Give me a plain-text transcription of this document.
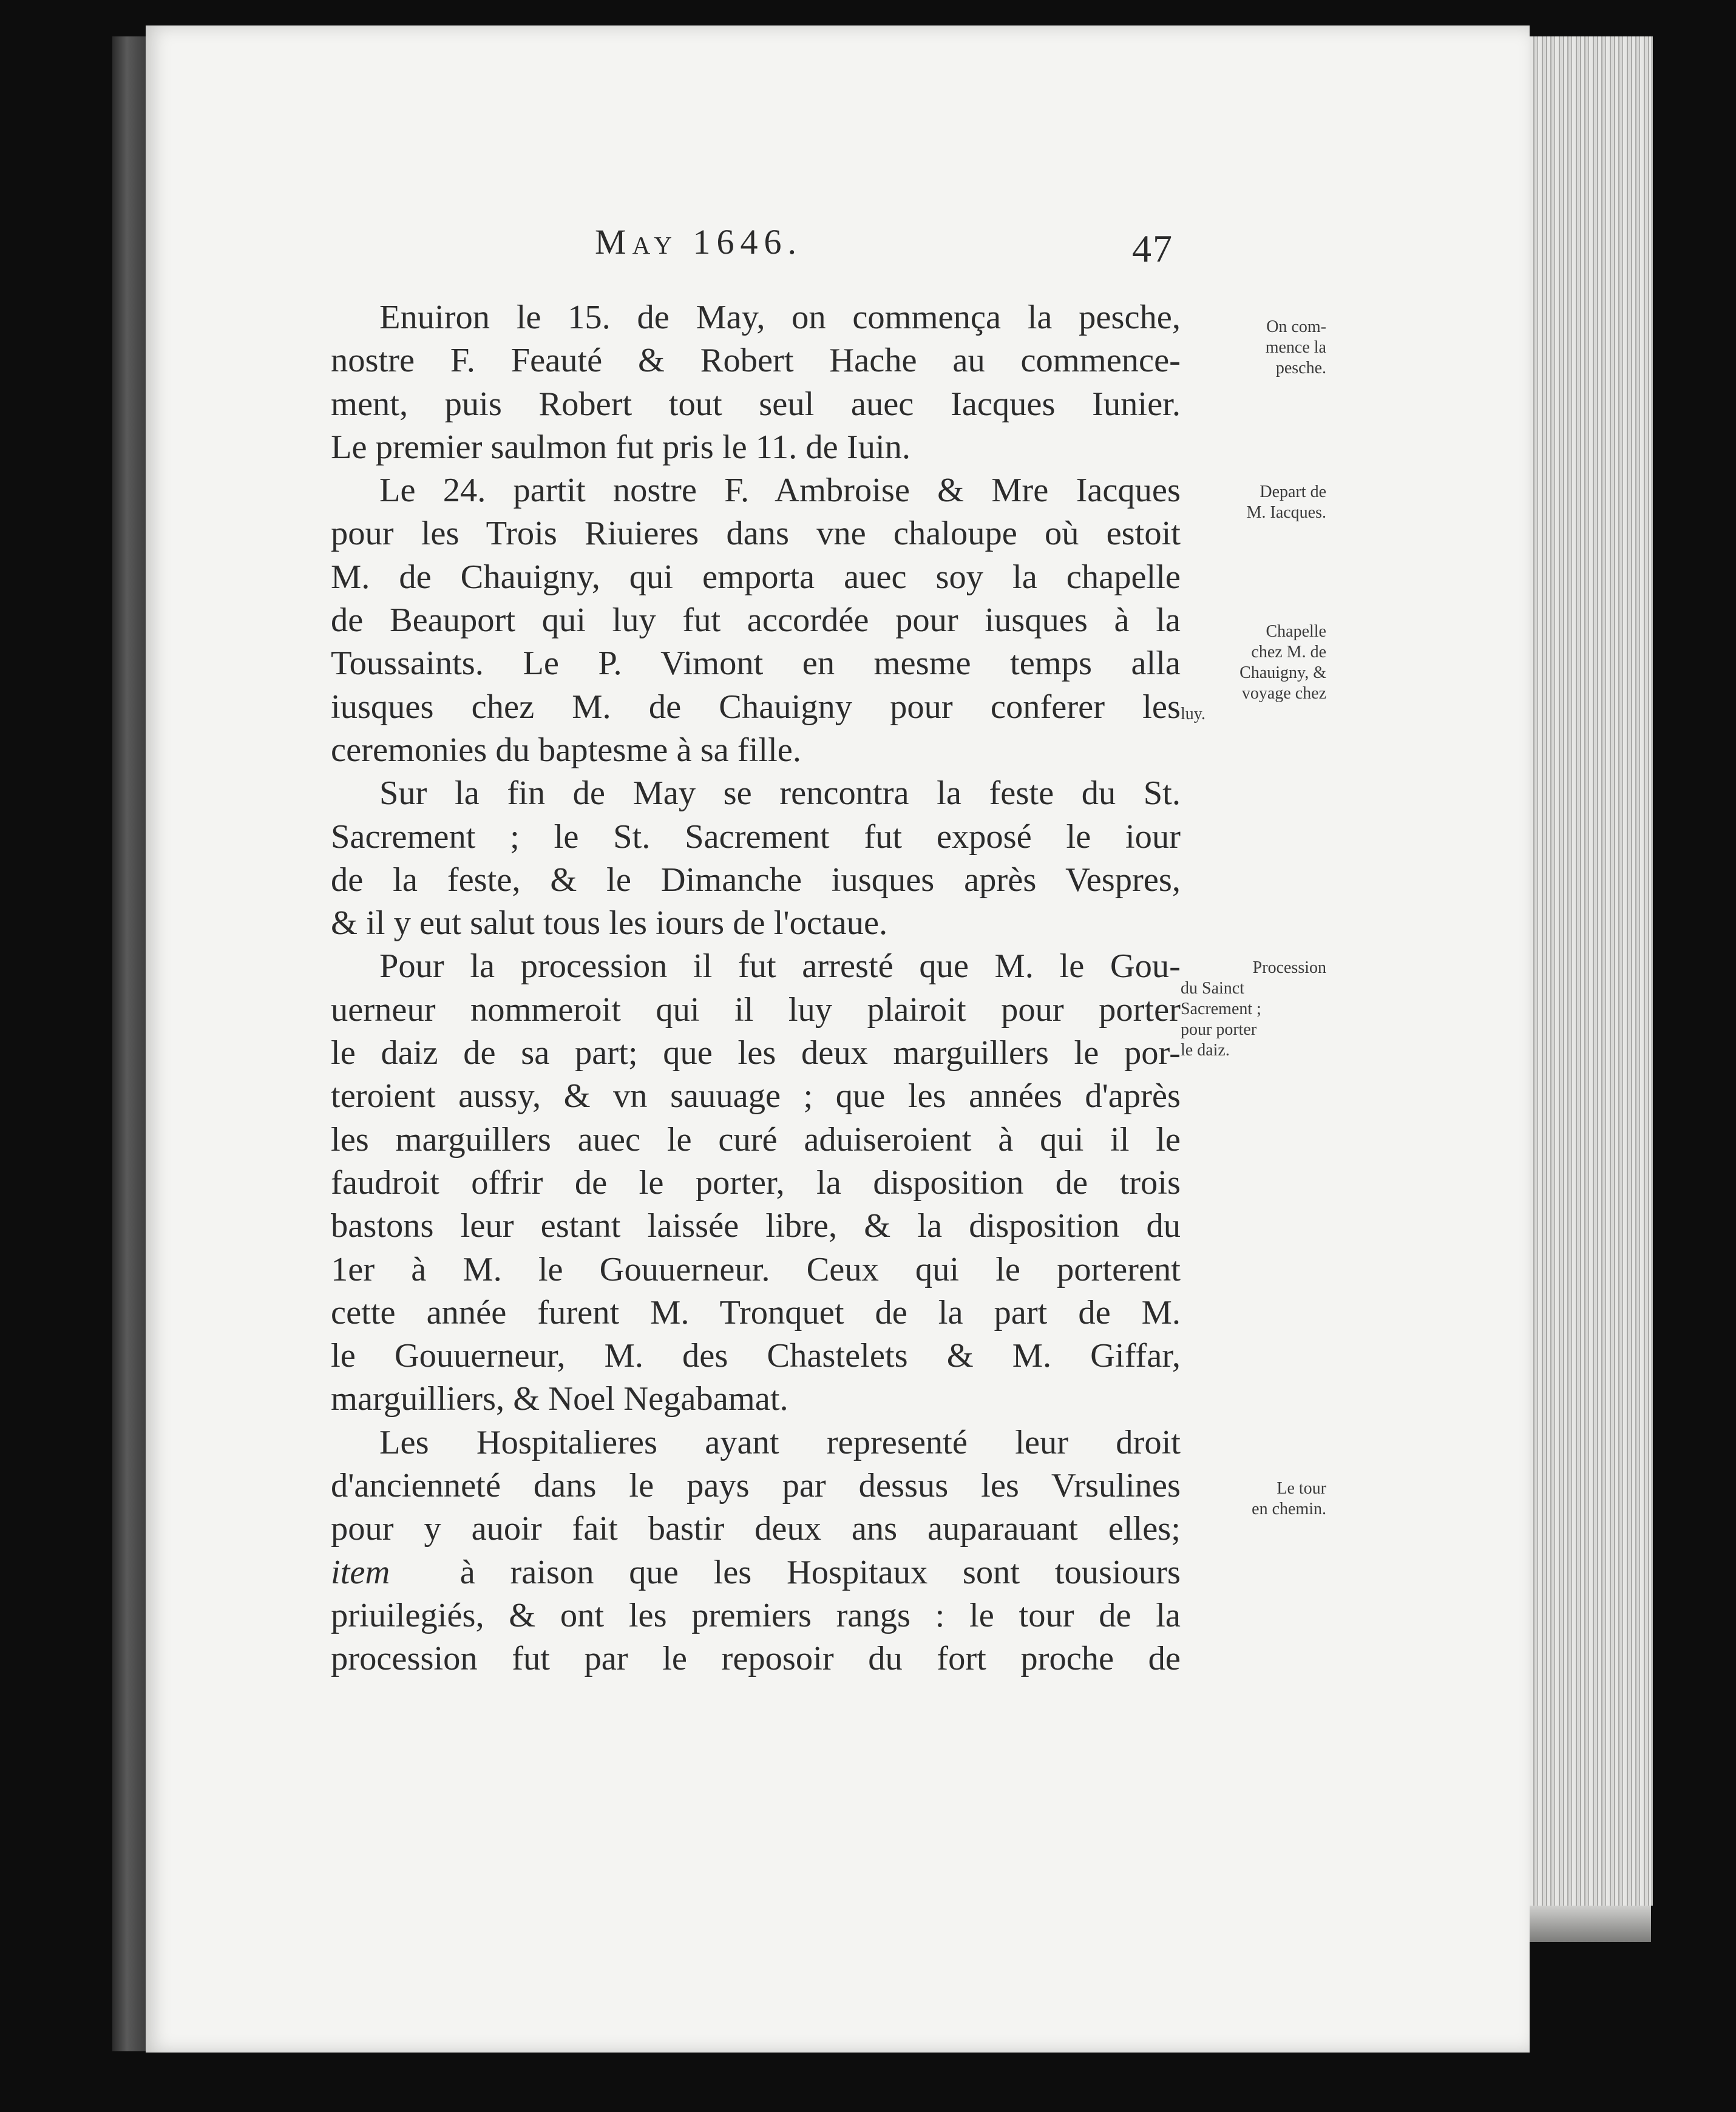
May 1646.	47
Enuiron le 15. de May, on commença la pesche,
nostre F. Feauté & Robert Hache au commence-
ment, puis Robert tout seul auec Iacques Iunier.
Le premier saulmon fut pris le 11. de Iuin.
Le 24. partit nostre F. Ambroise & Mre Iacques
pour les Trois Riuieres dans vne chaloupe où estoit
M. de Chauigny, qui emporta auec soy la chapelle
de Beauport qui luy fut accordée pour iusques à la
Toussaints. Le P. Vimont en mesme temps alla
iusques chez M. de Chauigny pour conferer les
ceremonies du baptesme à sa fille.
Sur la fin de May se rencontra la feste du St.
Sacrement ; le St. Sacrement fut exposé le iour
de la feste, & le Dimanche iusques après Vespres,
& il y eut salut tous les iours de l'octaue.
Pour la procession il fut arresté que M. le Gou-
uerneur nommeroit qui il luy plairoit pour porter
le daiz de sa part; que les deux marguillers le por-
teroient aussy, & vn sauuage ; que les années d'après
les marguillers auec le curé aduiseroient à qui il le
faudroit offrir de le porter, la disposition de trois
bastons leur estant laissée libre, & la disposition du
1er à M. le Gouuerneur. Ceux qui le porterent
cette année furent M. Tronquet de la part de M.
le Gouuerneur, M. des Chastelets & M. Giffar,
marguilliers, & Noel Negabamat.
Les Hospitalieres ayant representé leur droit
d'ancienneté dans le pays par dessus les Vrsulines
pour y auoir fait bastir deux ans auparauant elles;
item à raison que les Hospitaux sont tousiours
priuilegiés, & ont les premiers rangs : le tour de la
procession fut par le reposoir du fort proche de
On com-
mence la
pesche.
Depart de
M. Iacques.
Chapelle
chez M. de
Chauigny, &
voyage chez
luy.
Procession
du Sainct
Sacrement ;
pour porter
le daiz.
Le tour
en chemin.
